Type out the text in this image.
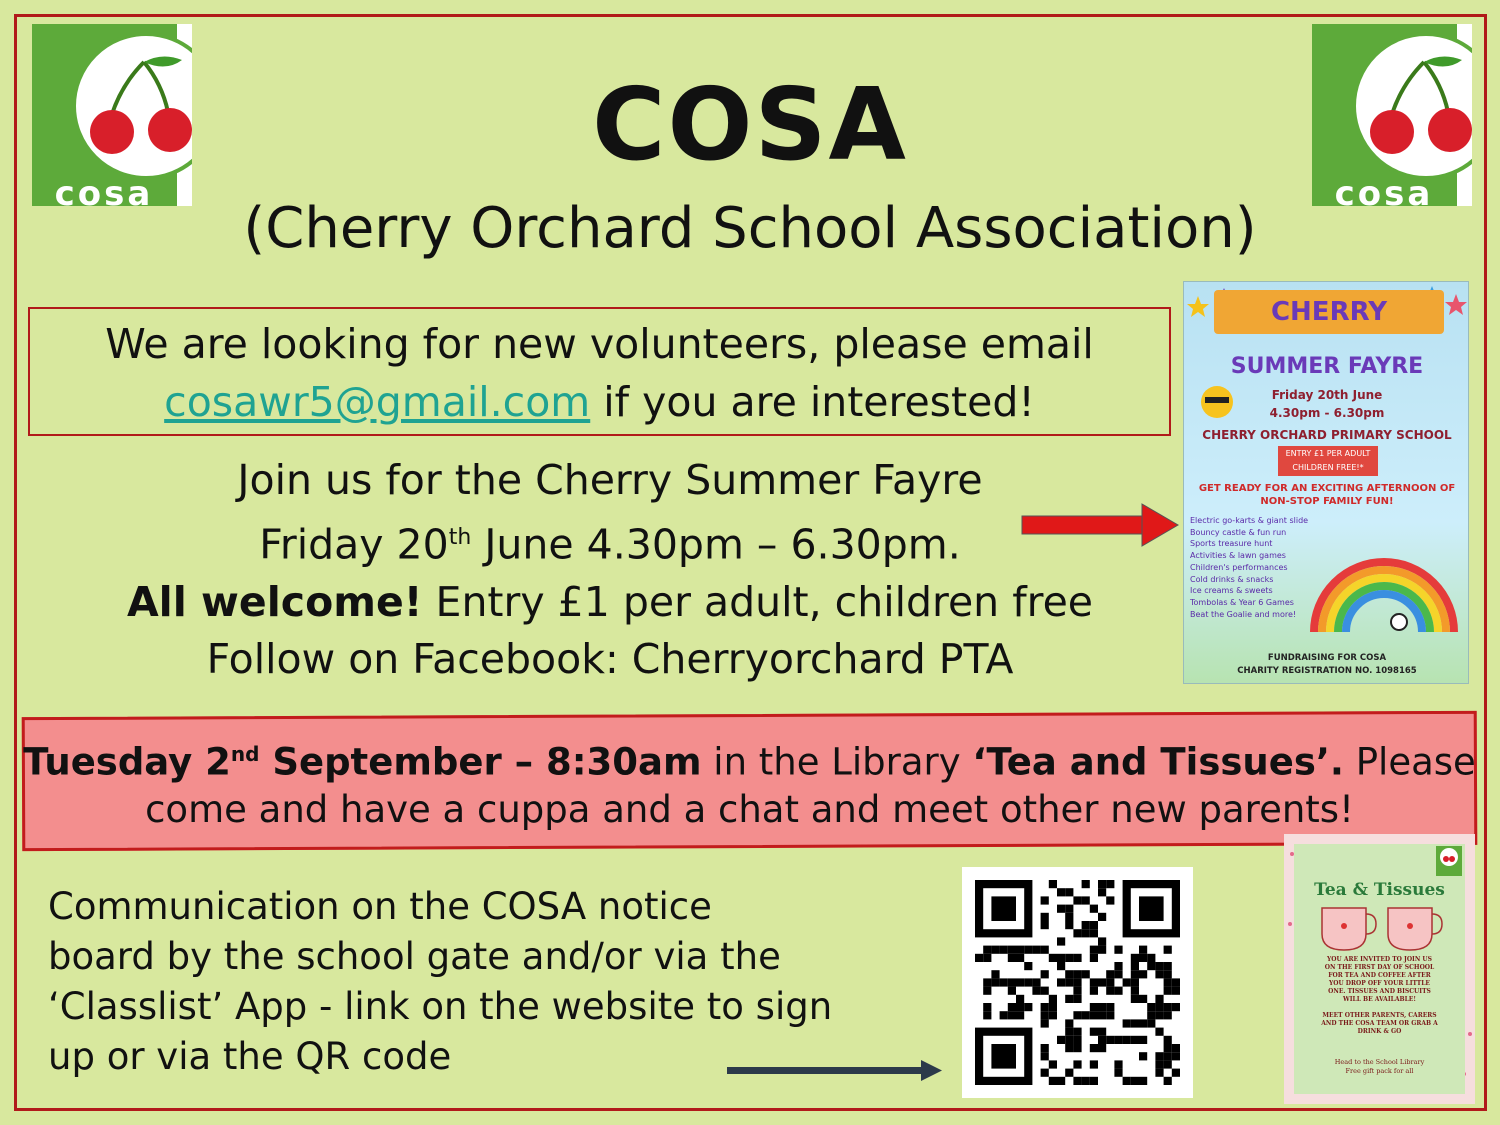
cosa	cosa
COSA
(Cherry Orchard School Association)
We are looking for new volunteers, please email
cosawr5@gmail.com if you are interested!
Join us for the Cherry Summer Fayre
Friday 20th June 4.30pm – 6.30pm.
All welcome! Entry £1 per adult, children free
Follow on Facebook: Cherryorchard PTA
CHERRY
SUMMER FAYRE
Friday 20th June
4.30pm - 6.30pm
CHERRY ORCHARD PRIMARY SCHOOL
ENTRY £1 PER ADULT
CHILDREN FREE!*
GET READY FOR AN EXCITING AFTERNOON OF
NON-STOP FAMILY FUN!
Electric go-karts & giant slide
Bouncy castle & fun run
Sports treasure hunt
Activities & lawn games
Children's performances
Cold drinks & snacks
Ice creams & sweets
Tombolas & Year 6 Games
Beat the Goalie and more!
FUNDRAISING FOR COSA
CHARITY REGISTRATION NO. 1098165
Tuesday 2nd September – 8:30am in the Library ‘Tea and Tissues’. Please
come and have a cuppa and a chat and meet other new parents!
Communication on the COSA notice
board by the school gate and/or via the
‘Classlist’ App - link on the website to sign
up or via the QR code
Tea & Tissues
YOU ARE INVITED TO JOIN US
ON THE FIRST DAY OF SCHOOL
FOR TEA AND COFFEE AFTER
YOU DROP OFF YOUR LITTLE
ONE. TISSUES AND BISCUITS
WILL BE AVAILABLE!
MEET OTHER PARENTS, CARERS
AND THE COSA TEAM OR GRAB A
DRINK & GO
Head to the School Library
Free gift pack for all
